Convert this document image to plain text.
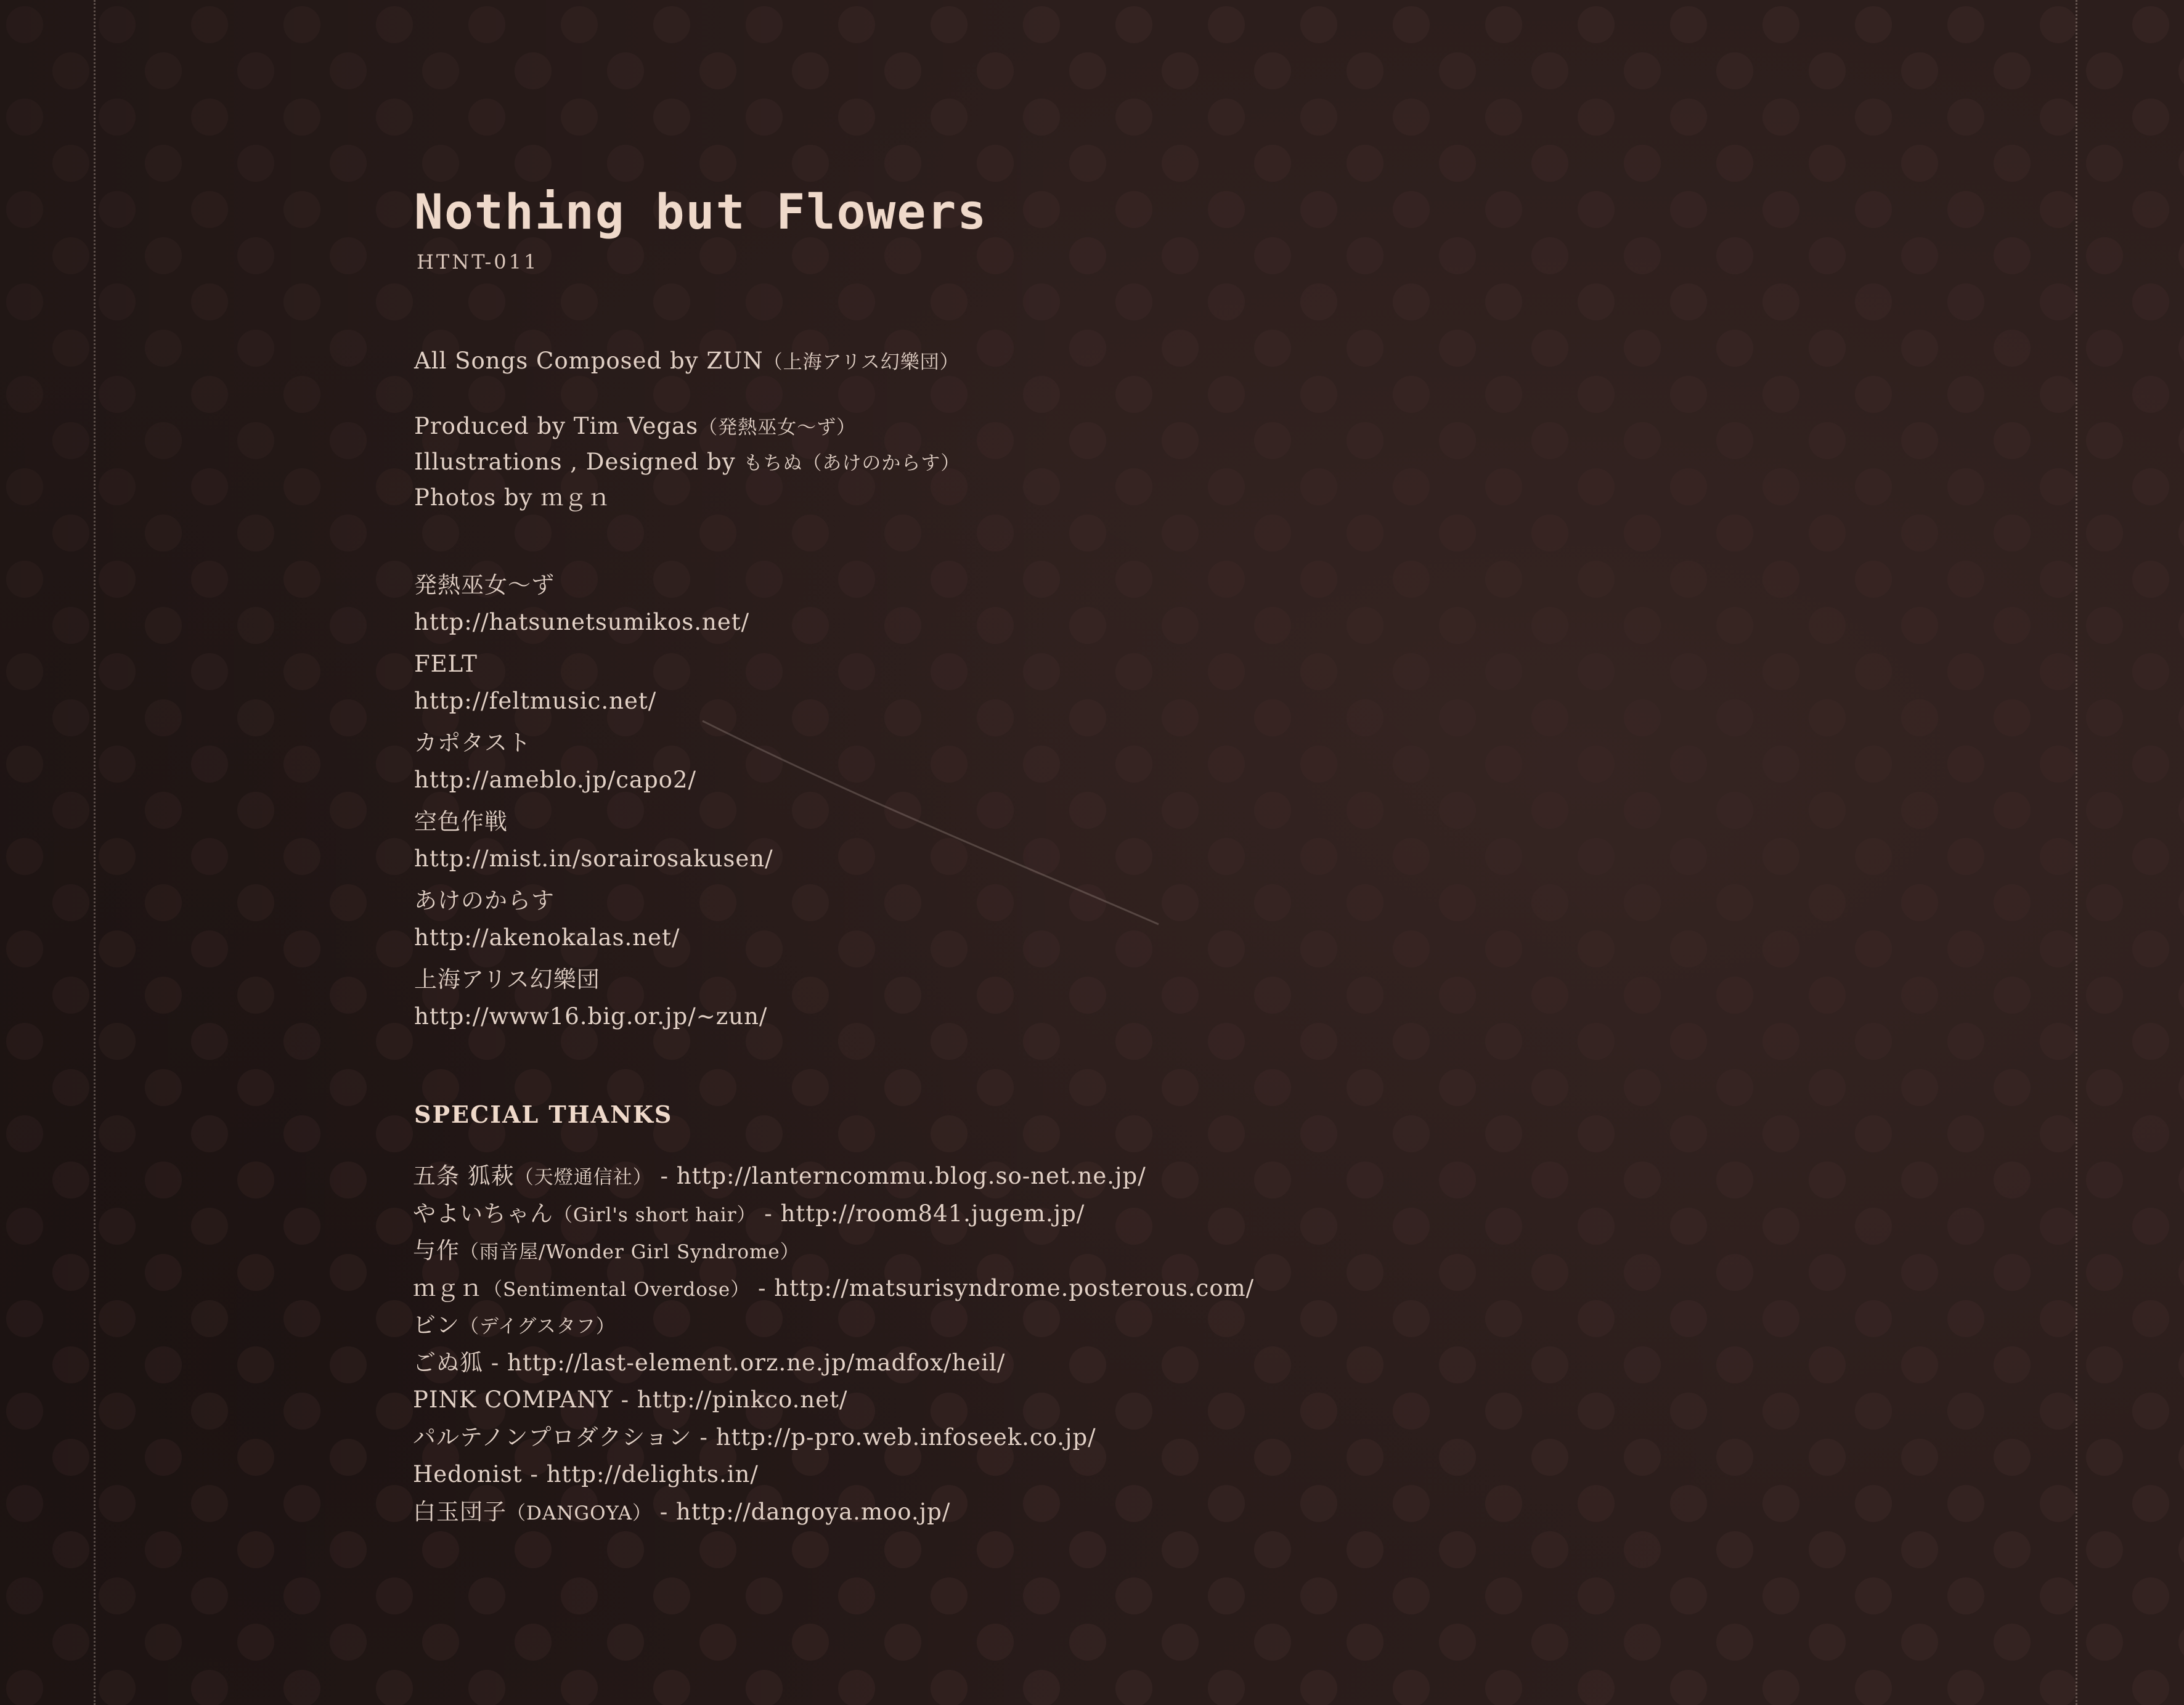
Nothing but Flowers
HTNT-011
All Songs Composed by ZUN（上海アリス幻樂団）
Produced by Tim Vegas（発熱巫女～ず）
Illustrations , Designed by もちぬ（あけのからす）
Photos by ｍｇｎ
発熱巫女～ず
http://hatsunetsumikos.net/
FELT
http://feltmusic.net/
カポタスト
http://ameblo.jp/capo2/
空色作戦
http://mist.in/sorairosakusen/
あけのからす
http://akenokalas.net/
上海アリス幻樂団
http://www16.big.or.jp/~zun/
SPECIAL THANKS
五条 狐萩（天燈通信社） - http://lanterncommu.blog.so-net.ne.jp/
やよいちゃん（Girl's short hair） - http://room841.jugem.jp/
与作（雨音屋/Wonder Girl Syndrome）
ｍｇｎ（Sentimental Overdose） - http://matsurisyndrome.posterous.com/
ビン（デイグスタフ）
ごぬ狐 - http://last-element.orz.ne.jp/madfox/heil/
PINK COMPANY - http://pinkco.net/
パルテノンプロダクション - http://p-pro.web.infoseek.co.jp/
Hedonist - http://delights.in/
白玉団子（DANGOYA） - http://dangoya.moo.jp/
